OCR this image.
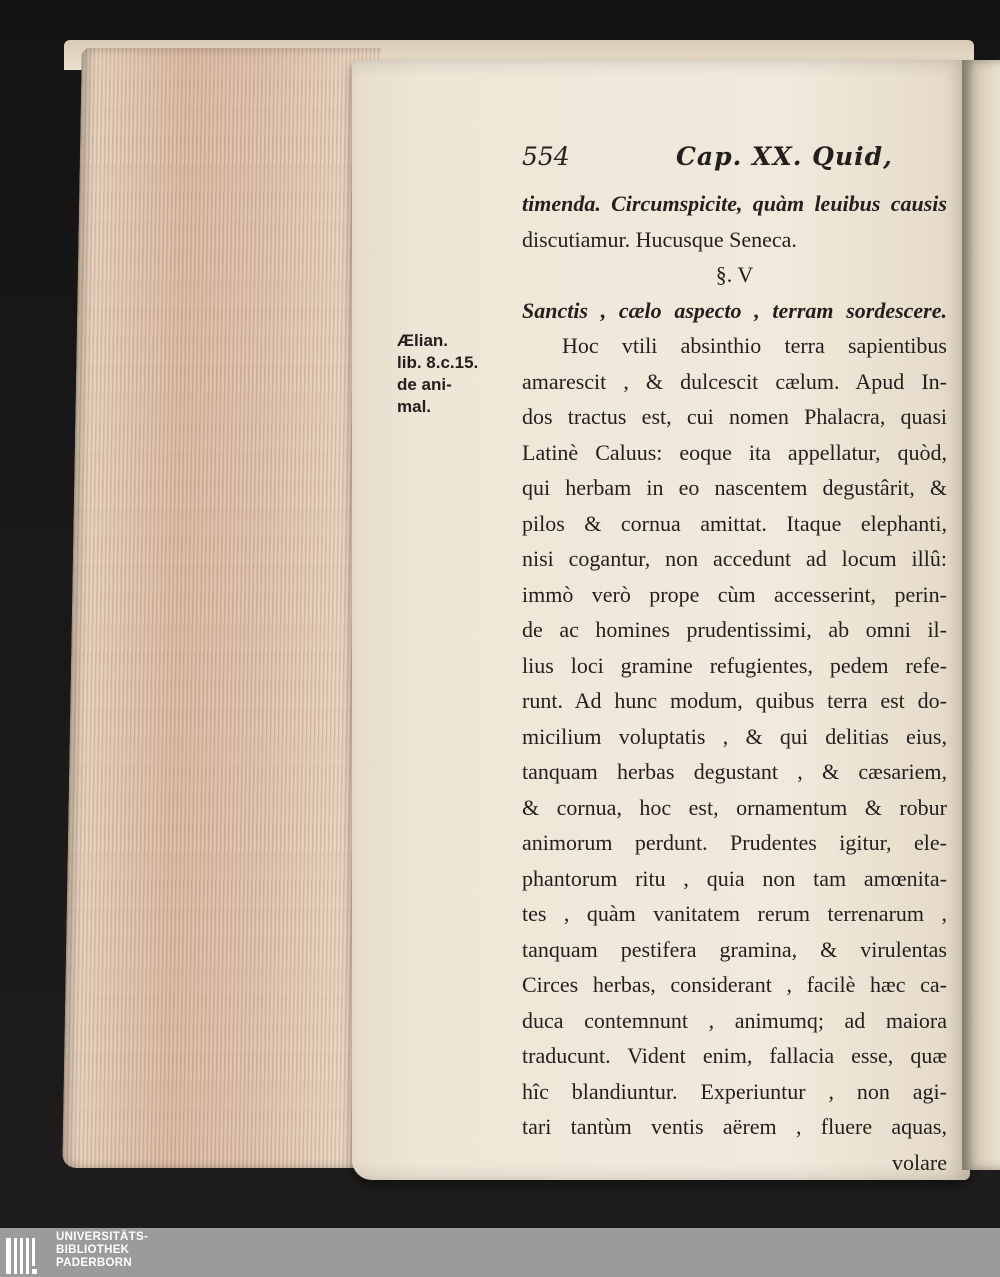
554	Cap. XX. Quid,
Ælian.
lib. 8.c.15.
de ani-
mal.
timenda. Circumspicite, quàm leuibus causis
discutiamur. Hucusque Seneca.
§. V
Sanctis , cælo aspecto , terram sordescere.
Hoc vtili absinthio terra sapientibus
amarescit , & dulcescit cælum. Apud In-
dos tractus est, cui nomen Phalacra, quasi
Latinè Caluus: eoque ita appellatur, quòd,
qui herbam in eo nascentem degustârit, &
pilos & cornua amittat. Itaque elephanti,
nisi cogantur, non accedunt ad locum illû:
immò verò prope cùm accesserint, perin-
de ac homines prudentissimi, ab omni il-
lius loci gramine refugientes, pedem refe-
runt. Ad hunc modum, quibus terra est do-
micilium voluptatis , & qui delitias eius,
tanquam herbas degustant , & cæsariem,
& cornua, hoc est, ornamentum & robur
animorum perdunt. Prudentes igitur, ele-
phantorum ritu , quia non tam amœnita-
tes , quàm vanitatem rerum terrenarum ,
tanquam pestifera gramina, & virulentas
Circes herbas, considerant , facilè hæc ca-
duca contemnunt , animumq; ad maiora
traducunt. Vident enim, fallacia esse, quæ
hîc blandiuntur. Experiuntur , non agi-
tari tantùm ventis aërem , fluere aquas,
volare
UNIVERSITÄTS-
BIBLIOTHEK
PADERBORN
